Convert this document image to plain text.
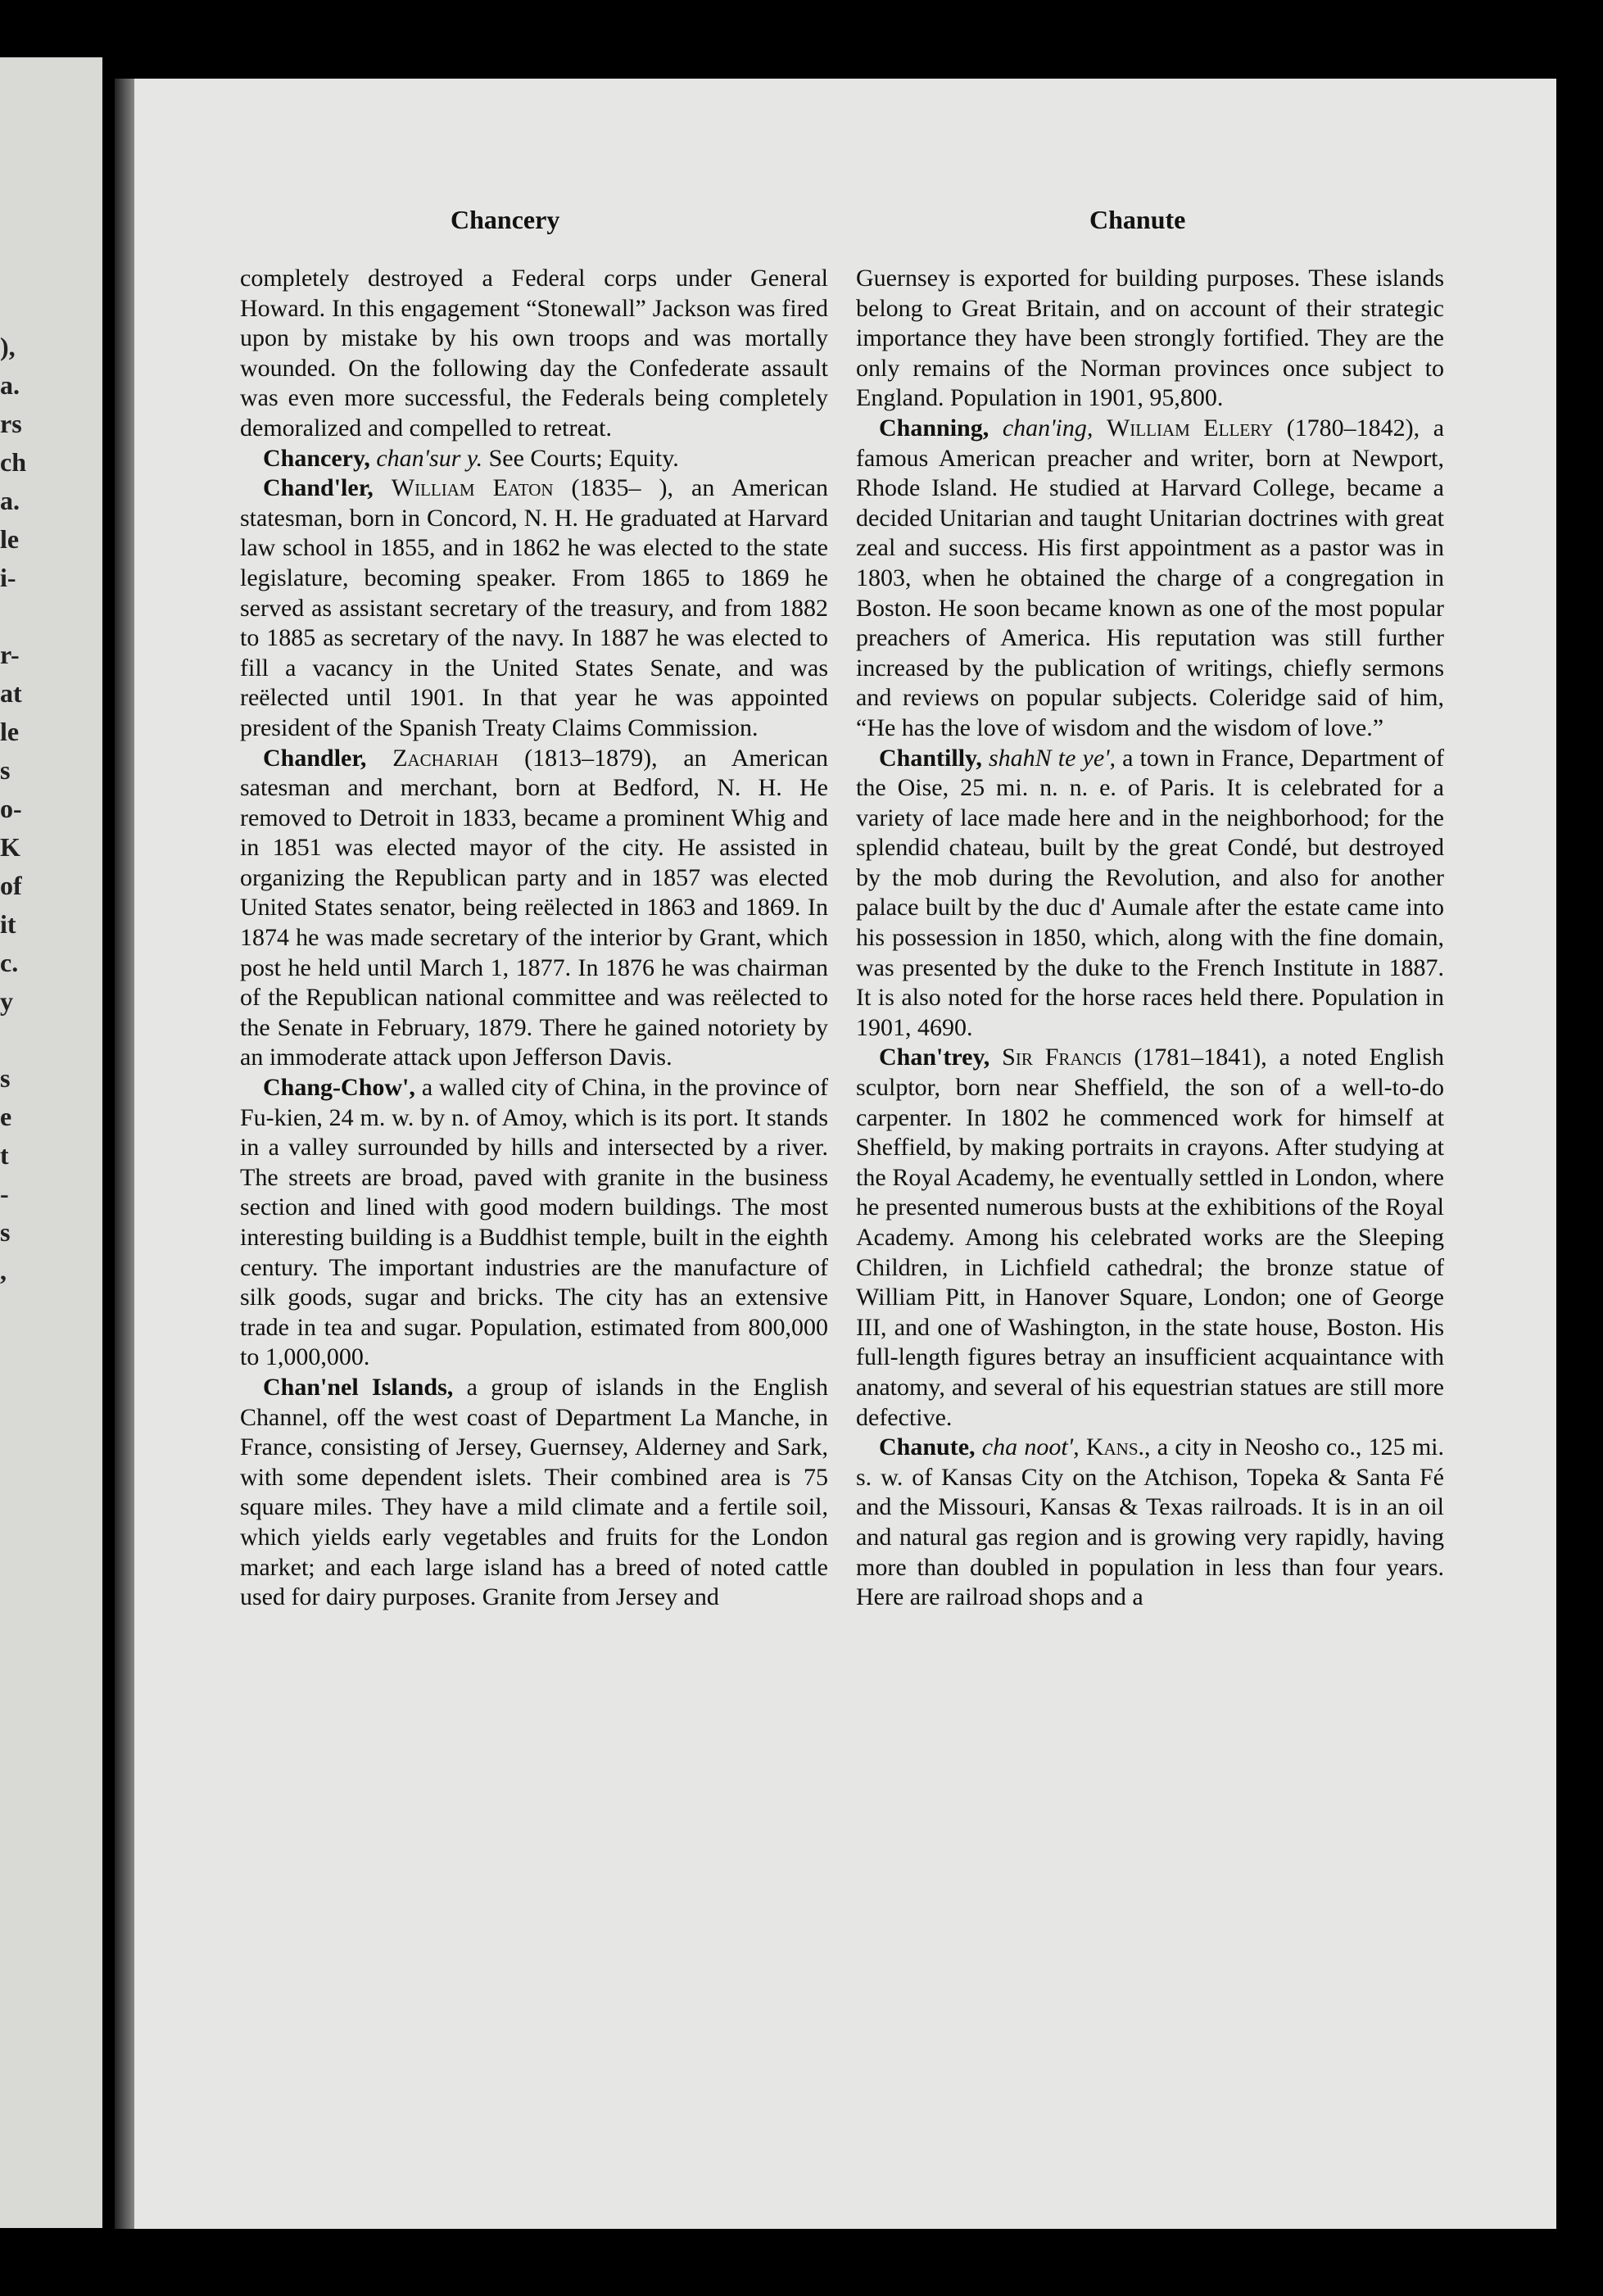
),
a.
rs
ch
a.
le
i-

r-
at
le
s
o-
K
of
it
c.
y

s
e
t
-
s
,

Chancery	Chanute

completely destroyed a Federal corps under General Howard. In this engagement “Stonewall” Jackson was fired upon by mistake by his own troops and was mortally wounded. On the following day the Confederate assault was even more successful, the Federals being completely demoralized and compelled to retreat.

Chancery, chan'sur y. See Courts; Equity.

Chand'ler, William Eaton (1835– ), an American statesman, born in Concord, N. H. He graduated at Harvard law school in 1855, and in 1862 he was elected to the state legislature, becoming speaker. From 1865 to 1869 he served as assistant secretary of the treasury, and from 1882 to 1885 as secretary of the navy. In 1887 he was elected to fill a vacancy in the United States Senate, and was reëlected until 1901. In that year he was appointed president of the Spanish Treaty Claims Commission.

Chandler, Zachariah (1813–1879), an American satesman and merchant, born at Bedford, N. H. He removed to Detroit in 1833, became a prominent Whig and in 1851 was elected mayor of the city. He assisted in organizing the Republican party and in 1857 was elected United States senator, being reëlected in 1863 and 1869. In 1874 he was made secretary of the interior by Grant, which post he held until March 1, 1877. In 1876 he was chairman of the Republican national committee and was reëlected to the Senate in February, 1879. There he gained notoriety by an immoderate attack upon Jefferson Davis.

Chang-Chow', a walled city of China, in the province of Fu-kien, 24 m. w. by n. of Amoy, which is its port. It stands in a valley surrounded by hills and intersected by a river. The streets are broad, paved with granite in the business section and lined with good modern buildings. The most interesting building is a Buddhist temple, built in the eighth century. The important industries are the manufacture of silk goods, sugar and bricks. The city has an extensive trade in tea and sugar. Population, estimated from 800,000 to 1,000,000.

Chan'nel Islands, a group of islands in the English Channel, off the west coast of Department La Manche, in France, consisting of Jersey, Guernsey, Alderney and Sark, with some dependent islets. Their combined area is 75 square miles. They have a mild climate and a fertile soil, which yields early vegetables and fruits for the London market; and each large island has a breed of noted cattle used for dairy purposes. Granite from Jersey and

Guernsey is exported for building purposes. These islands belong to Great Britain, and on account of their strategic importance they have been strongly fortified. They are the only remains of the Norman provinces once subject to England. Population in 1901, 95,800.

Channing, chan'ing, William Ellery (1780–1842), a famous American preacher and writer, born at Newport, Rhode Island. He studied at Harvard College, became a decided Unitarian and taught Unitarian doctrines with great zeal and success. His first appointment as a pastor was in 1803, when he obtained the charge of a congregation in Boston. He soon became known as one of the most popular preachers of America. His reputation was still further increased by the publication of writings, chiefly sermons and reviews on popular subjects. Coleridge said of him, “He has the love of wisdom and the wisdom of love.”

Chantilly, shahN te ye', a town in France, Department of the Oise, 25 mi. n. n. e. of Paris. It is celebrated for a variety of lace made here and in the neighborhood; for the splendid chateau, built by the great Condé, but destroyed by the mob during the Revolution, and also for another palace built by the duc d' Aumale after the estate came into his possession in 1850, which, along with the fine domain, was presented by the duke to the French Institute in 1887. It is also noted for the horse races held there. Population in 1901, 4690.

Chan'trey, Sir Francis (1781–1841), a noted English sculptor, born near Sheffield, the son of a well-to-do carpenter. In 1802 he commenced work for himself at Sheffield, by making portraits in crayons. After studying at the Royal Academy, he eventually settled in London, where he presented numerous busts at the exhibitions of the Royal Academy. Among his celebrated works are the Sleeping Children, in Lichfield cathedral; the bronze statue of William Pitt, in Hanover Square, London; one of George III, and one of Washington, in the state house, Boston. His full-length figures betray an insufficient acquaintance with anatomy, and several of his equestrian statues are still more defective.

Chanute, cha noot', Kans., a city in Neosho co., 125 mi. s. w. of Kansas City on the Atchison, Topeka & Santa Fé and the Missouri, Kansas & Texas railroads. It is in an oil and natural gas region and is growing very rapidly, having more than doubled in population in less than four years. Here are railroad shops and a
